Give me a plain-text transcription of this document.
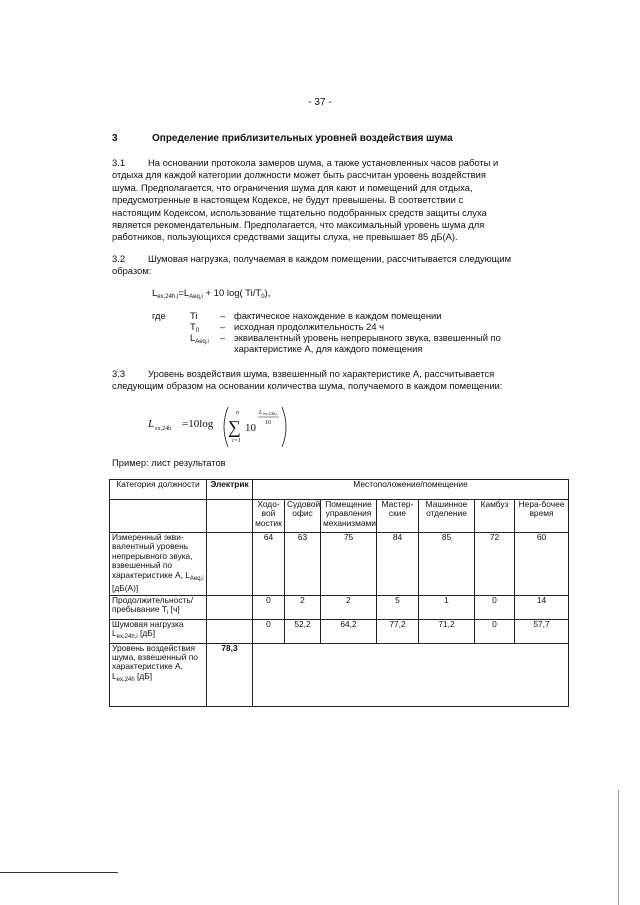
- 37 -
3	Определение приблизительных уровней воздействия шума
3.1 На основании протокола замеров шума, а также установленных часов работы и
отдыха для каждой категории должности может быть рассчитан уровень воздействия
шума. Предполагается, что ограничения шума для кают и помещений для отдыха,
предусмотренные в настоящем Кодексе, не будут превышены. В соответствии с
настоящим Кодексом, использование тщательно подобранных средств защиты слуха
является рекомендательным. Предполагается, что максимальный уровень шума для
работников, пользующихся средствами защиты слуха, не превышает 85 дБ(А).
3.2 Шумовая нагрузка, получаемая в каждом помещении, рассчитывается следующим
образом:
$L_{ex,24h,i}=L_{Aeq,i} + 10$ log( $Ti/T_0$),
где	Ti – фактическое нахождение в каждом помещении
$T_0$ – исходная продолжительность 24 ч
$L_{Aeq,i}$ – эквивалентный уровень непрерывного звука, взвешенный по
характеристике А, для каждого помещения
3.3 Уровень воздействия шума, взвешенный по характеристике А, рассчитывается
следующим образом на основании количества шума, получаемого в каждом помещении:
L ex,24h =10log
n
∑
i=1
10
L ex,24h,i
10
Пример: лист результатов
Категория должности	Электрик	Местоположение/помещение						
		Ходо-вой мостик	Судовой офис	Помещение управления механизмами	Мастер-ские	Машинное отделение	Камбуз	Нера-бочее время
Измеренный экви-валентный уровень непрерывного звука, взвешенный по характеристике А, $L_{Aeq,i}$ [дБ(А)]		64	63	75	84	85	72	60
Продолжительность/ пребывание $T_i$ [ч]		0	2	2	5	1	0	14
Шумовая нагрузка $L_{ex,24h,i}$ [дБ]		0	52,2	64,2	77,2	71,2	0	57,7
Уровень воздействия шума, взвешенный по характеристике А, $L_{ex,24h}$ [дБ]	78,3							
